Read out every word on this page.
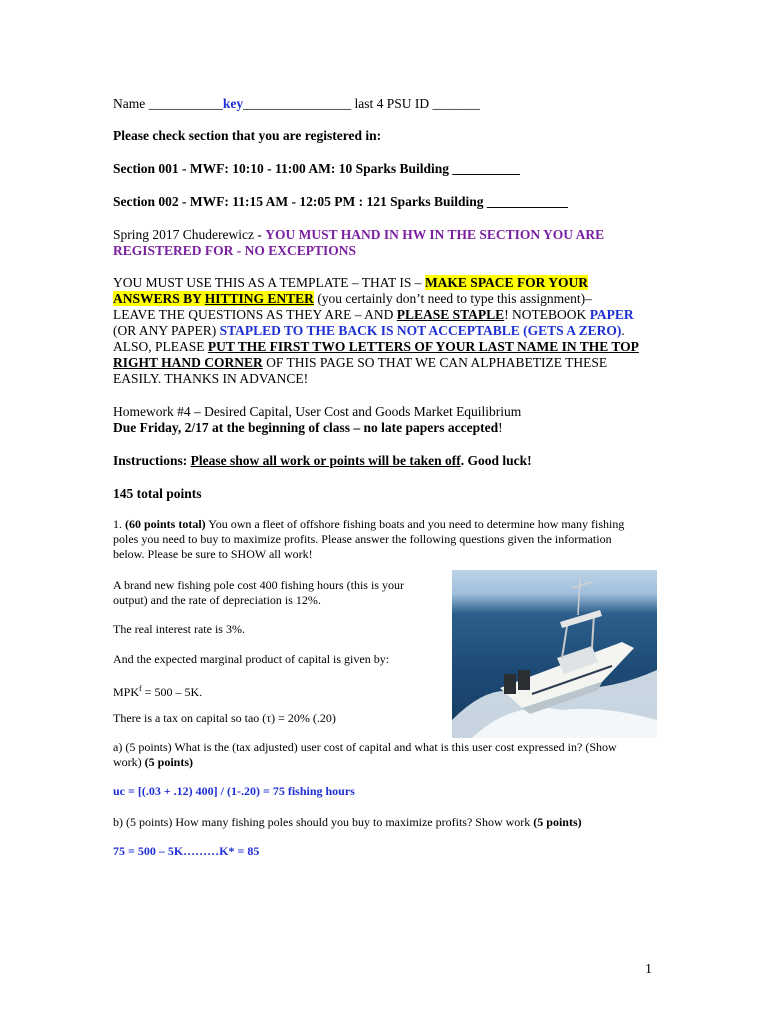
Name ___________key________________ last 4 PSU ID _______
Please check section that you are registered in:
Section 001 - MWF: 10:10 - 11:00 AM: 10 Sparks Building __________
Section 002 - MWF: 11:15 AM - 12:05 PM : 121 Sparks Building ____________
Spring 2017 Chuderewicz - YOU MUST HAND IN HW IN THE SECTION YOU ARE
REGISTERED FOR - NO EXCEPTIONS
YOU MUST USE THIS AS A TEMPLATE – THAT IS – MAKE SPACE FOR YOUR
ANSWERS BY HITTING ENTER (you certainly don’t need to type this assignment)–
LEAVE THE QUESTIONS AS THEY ARE – AND PLEASE STAPLE! NOTEBOOK PAPER
(OR ANY PAPER) STAPLED TO THE BACK IS NOT ACCEPTABLE (GETS A ZERO).
ALSO, PLEASE PUT THE FIRST TWO LETTERS OF YOUR LAST NAME IN THE TOP
RIGHT HAND CORNER OF THIS PAGE SO THAT WE CAN ALPHABETIZE THESE
EASILY. THANKS IN ADVANCE!
Homework #4 – Desired Capital, User Cost and Goods Market Equilibrium
Due Friday, 2/17 at the beginning of class – no late papers accepted!
Instructions: Please show all work or points will be taken off. Good luck!
145 total points
1. (60 points total) You own a fleet of offshore fishing boats and you need to determine how many fishing
poles you need to buy to maximize profits. Please answer the following questions given the information
below. Please be sure to SHOW all work!
A brand new fishing pole cost 400 fishing hours (this is your
output) and the rate of depreciation is 12%.
The real interest rate is 3%.
And the expected marginal product of capital is given by:
$MPK^f = 500 - 5K$.
There is a tax on capital so tao (τ) = 20% (.20)
a) (5 points) What is the (tax adjusted) user cost of capital and what is this user cost expressed in? (Show
work) (5 points)
uc = [(.03 + .12) 400] / (1-.20) = 75 fishing hours
b) (5 points) How many fishing poles should you buy to maximize profits? Show work (5 points)
75 = 500 – 5K………K* = 85
1
